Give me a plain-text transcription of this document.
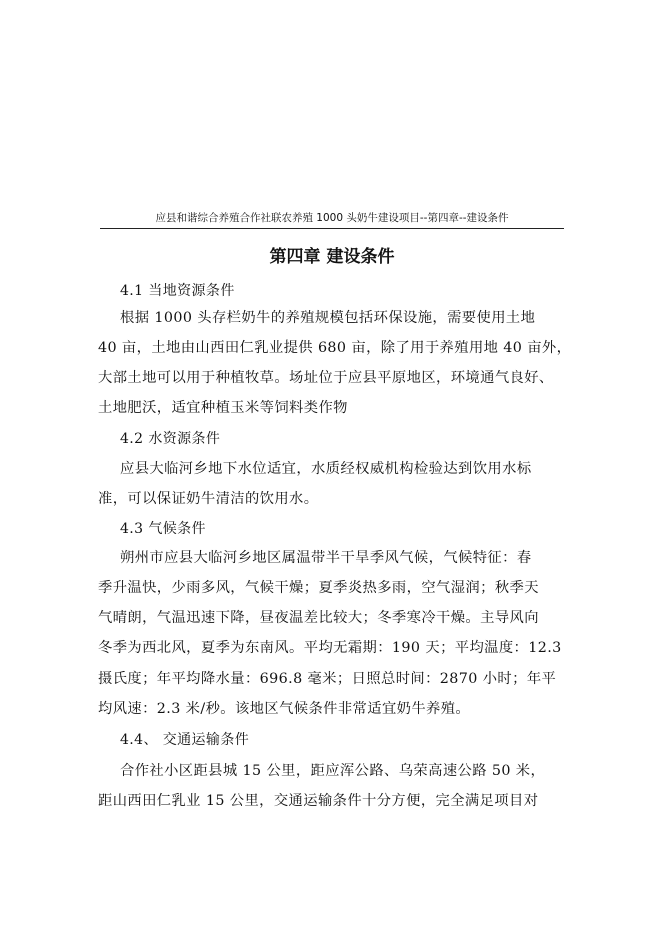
应县和谐综合养殖合作社联农养殖 1000 头奶牛建设项目--第四章--建设条件
第四章 建设条件
4.1 当地资源条件
根据 1000 头存栏奶牛的养殖规模包括环保设施，需要使用土地
40 亩，土地由山西田仁乳业提供 680 亩，除了用于养殖用地 40 亩外，
大部土地可以用于种植牧草。场址位于应县平原地区，环境通气良好、
土地肥沃，适宜种植玉米等饲料类作物
4.2 水资源条件
应县大临河乡地下水位适宜，水质经权威机构检验达到饮用水标
准，可以保证奶牛清洁的饮用水。
4.3 气候条件
朔州市应县大临河乡地区属温带半干旱季风气候，气候特征：春
季升温快，少雨多风，气候干燥；夏季炎热多雨，空气湿润；秋季天
气晴朗，气温迅速下降，昼夜温差比较大；冬季寒冷干燥。主导风向
冬季为西北风，夏季为东南风。平均无霜期：190 天；平均温度：12.3
摄氏度；年平均降水量：696.8 毫米；日照总时间：2870 小时；年平
均风速：2.3 米/秒。该地区气候条件非常适宜奶牛养殖。
4.4、 交通运输条件
合作社小区距县城 15 公里，距应浑公路、乌荣高速公路 50 米，
距山西田仁乳业 15 公里，交通运输条件十分方便，完全满足项目对
